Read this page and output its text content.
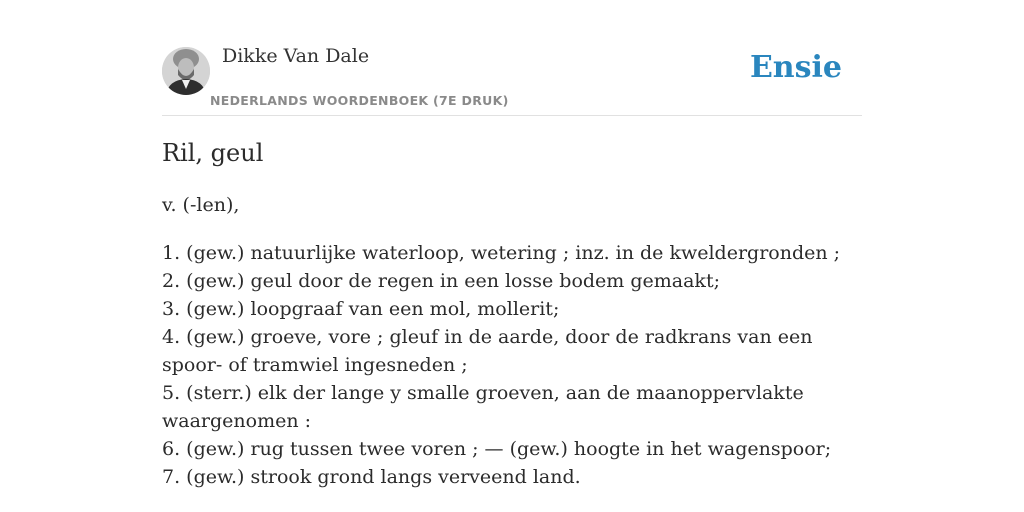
Dikke Van Dale
NEDERLANDS WOORDENBOEK (7E DRUK)
Ensie
Ril, geul
v. (-len),
1. (gew.) natuurlijke waterloop, wetering ; inz. in de kweldergronden ;
2. (gew.) geul door de regen in een losse bodem gemaakt;
3. (gew.) loopgraaf van een mol, mollerit;
4. (gew.) groeve, vore ; gleuf in de aarde, door de radkrans van een spoor- of tramwiel ingesneden ;
5. (sterr.) elk der lange y smalle groeven, aan de maanoppervlakte waargenomen :
6. (gew.) rug tussen twee voren ; — (gew.) hoogte in het wagenspoor;
7. (gew.) strook grond langs verveend land.
